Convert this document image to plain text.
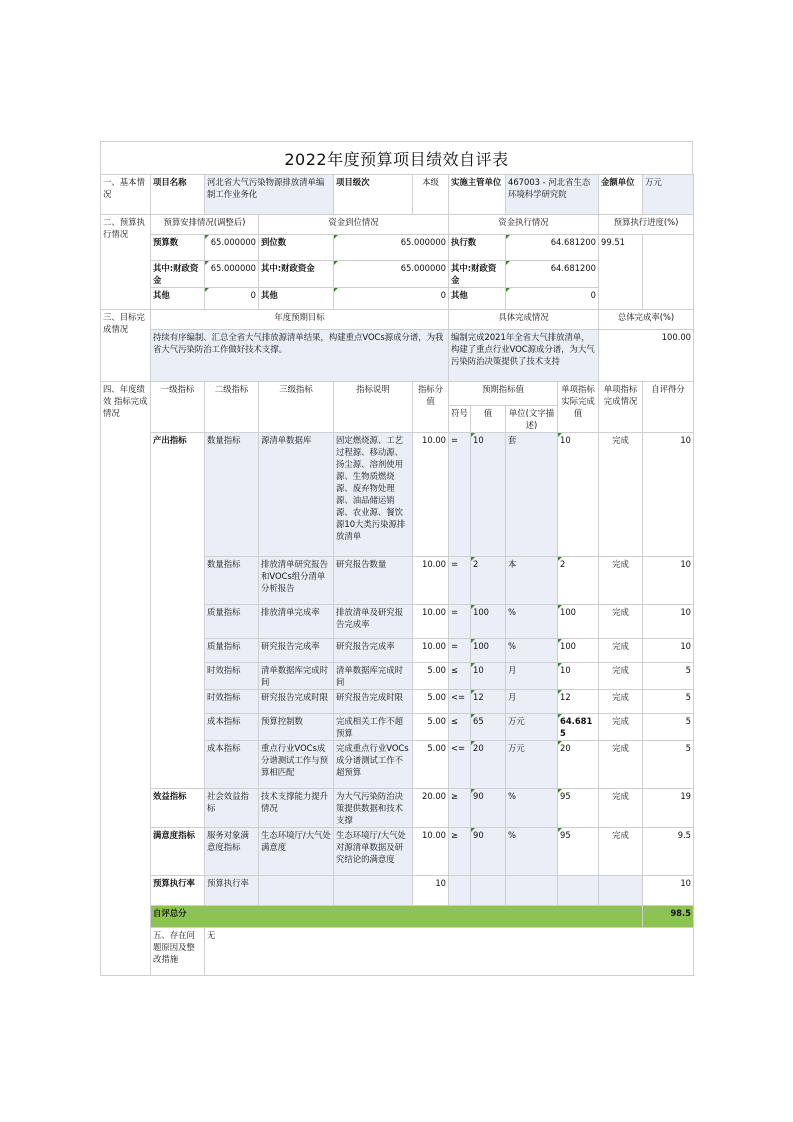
2022年度预算项目绩效自评表
一、基本情况	项目名称	河北省大气污染物源排放清单编制工作业务化		项目级次	本级	实施主管单位		467003 - 河北省生态环境科学研究院		金额单位	万元
二、预算执行情况	预算安排情况(调整后)		资金到位情况			资金执行情况				预算执行进度(%)	
	预算数	65.000000	到位数	65.000000		执行数		64.681200		99.51	
	其中:财政资金	65.000000	其中:财政资金	65.000000		其中:财政资金		64.681200			
	其他	0	其他	0		其他		0			
三、目标完成情况	年度预期目标					具体完成情况				总体完成率(%)	
	持续有序编制、汇总全省大气排放源清单结果，构建重点VOCs源成分谱，为我省大气污染防治工作做好技术支撑。					编制完成2021年全省大气排放清单，构建了重点行业VOC源成分谱，为大气污染防治决策提供了技术支持				100.00	
四、年度绩效 指标完成情况	一级指标	二级指标	三级指标	指标说明	指标分值	预期指标值			单项指标实际完成值	单项指标完成情况	自评得分
						符号	值	单位(文字描述)			
	产出指标	数量指标	源清单数据库	固定燃烧源、工艺过程源、移动源、扬尘源、溶剂使用源、生物质燃烧源、废弃物处理源、油品储运销源、农业源、餐饮源10大类污染源排放清单	10.00	=	10	套	10	完成	10
		数量指标	排放清单研究报告和VOCs组分清单分析报告	研究报告数量	10.00	=	2	本	2	完成	10
		质量指标	排放清单完成率	排放清单及研究报告完成率	10.00	=	100	%	100	完成	10
		质量指标	研究报告完成率	研究报告完成率	10.00	=	100	%	100	完成	10
		时效指标	清单数据库完成时间	清单数据库完成时间	5.00	≤	10	月	10	完成	5
		时效指标	研究报告完成时限	研究报告完成时限	5.00	<=	12	月	12	完成	5
		成本指标	预算控制数	完成相关工作不超预算	5.00	≤	65	万元	64.6815	完成	5
		成本指标	重点行业VOCs成分谱测试工作与预算相匹配	完成重点行业VOCs成分谱测试工作不超预算	5.00	<=	20	万元	20	完成	5
	效益指标	社会效益指标	技术支撑能力提升情况	为大气污染防治决策提供数据和技术支撑	20.00	≥	90	%	95	完成	19
	满意度指标	服务对象满意度指标	生态环境厅/大气处满意度	生态环境厅/大气处对源清单数据及研究结论的满意度	10.00	≥	90	%	95	完成	9.5
	预算执行率	预算执行率			10						10
	自评总分										98.5
	五、存在问题原因及整改措施	无									
